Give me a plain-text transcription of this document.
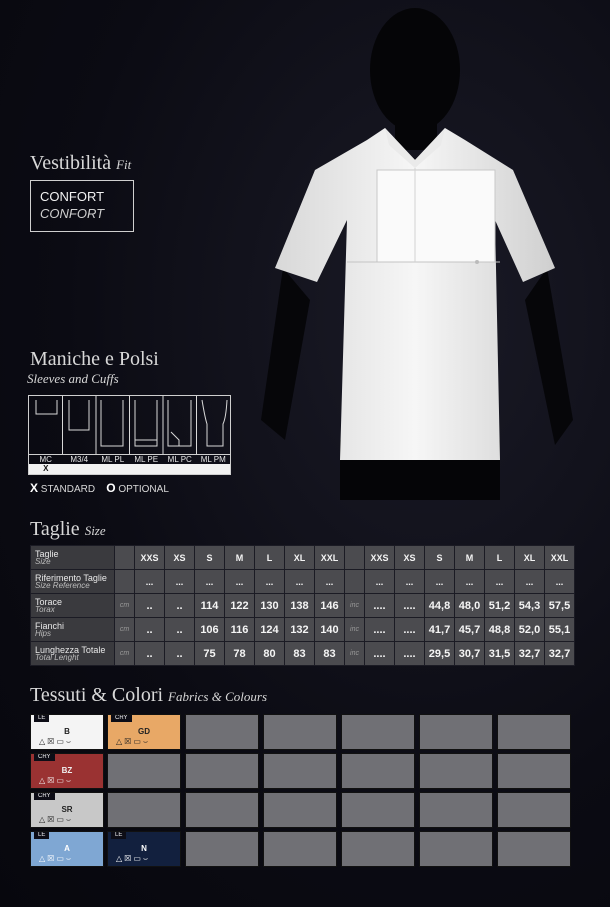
Vestibilità Fit
CONFORT
CONFORT
Maniche e Polsi
Sleeves and Cuffs
MC	M3/4	ML PL	ML PE	ML PC	ML PM
X
X STANDARD O OPTIONAL
Taglie Size
Taglie
Size		XXS	XS	S	M	L	XL	XXL		XXS	XS	S	M	L	XL	XXL
Riferimento Taglie
Size Reference		...	...	...	...	...	...	...		...	...	...	...	...	...	...
Torace
Torax	cm	..	..	114	122	130	138	146	inc	....	....	44,8	48,0	51,2	54,3	57,5
Fianchi
Hips	cm	..	..	106	116	124	132	140	inc	....	....	41,7	45,7	48,8	52,0	55,1
Lunghezza Totale
Total Lenght	cm	..	..	75	78	80	83	83	inc	....	....	29,5	30,7	31,5	32,7	32,7
Tessuti & Colori Fabrics & Colours
LE
B
△☒▭⌣
CRY
GD
△☒▭⌣
CRY
BZ
△☒▭⌣
CRY
SR
△☒▭⌣
LE
A
△☒▭⌣
LE
N
△☒▭⌣
